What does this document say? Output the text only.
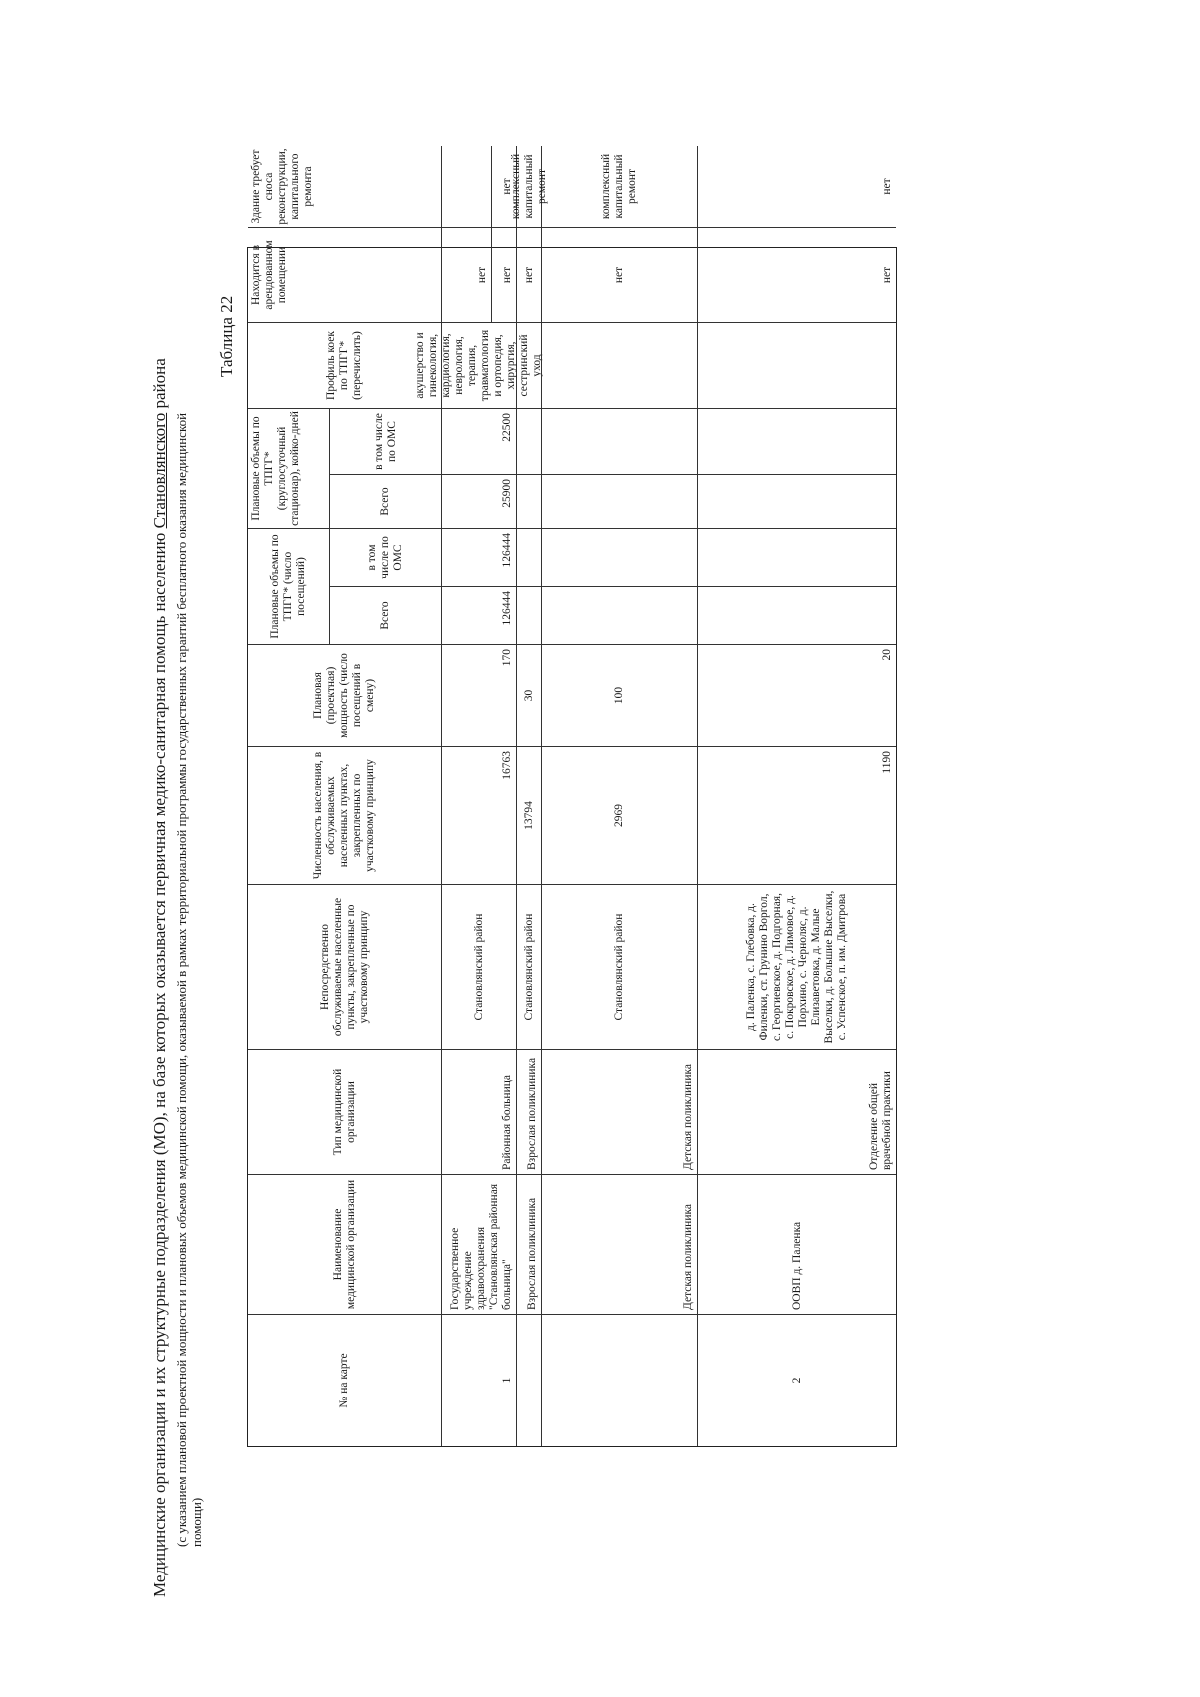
Медицинские организации и их структурные подразделения (МО), на базе которых оказывается первичная медико-санитарная помощь населению Становлянского района
(с указанием плановой проектной мощности и плановых объемов медицинской помощи, оказываемой в рамках территориальной программы государственных гарантий бесплатного оказания медицинской помощи)
Таблица 22
№ на карте
Наименование медицинской организации
Тип медицинской организации
Непосредственно обслуживаемые населенные пункты, закрепленные по участковому принципу
Численность населения, в обслуживаемых населенных пунктах, закрепленных по участковому принципу
Плановая (проектная) мощность (число посещений в смену)
Плановые объемы по ТПГГ* (число посещений)
Плановые объемы по ТПГГ* (круглосуточный стационар), койко-дней
Профиль коек по ТПГГ* (перечислить)
Находится в арендованном помещении
Здание требует сноса реконструкции, капитального ремонта
Всего
в том числе по ОМС
Всего
в том числе по ОМС
1
Государственное учреждение здравоохранения "Становлянская районная больница"
Районная больница
Становлянский район
16763
170
126444
126444
25900
22500
акушерство и гинекология, кардиология, неврология, терапия, травматология и ортопедия, хирургия, сестринский уход
нет	нет
нет
Взрослая поликлиника
Взрослая поликлиника
Становлянский район
13794
30
нет
комплексный капитальный ремонт
Детская поликлиника
Детская поликлиника
Становлянский район
2969
100
нет
комплексный капитальный ремонт
2
ООВП д. Паленка
Отделение общей врачебной практики
д. Паленка, с. Глебовка, д. Филенки, ст. Грунино Воргол, с. Георгиевское, д. Подгорная, с. Покровское, д. Лимовое, д. Порхино, с. Черноляс, д. Елизаветовка, д. Малые Выселки, д. Большие Выселки, с. Успенское, п. им. Дмитрова
1190
20
нет
нет
